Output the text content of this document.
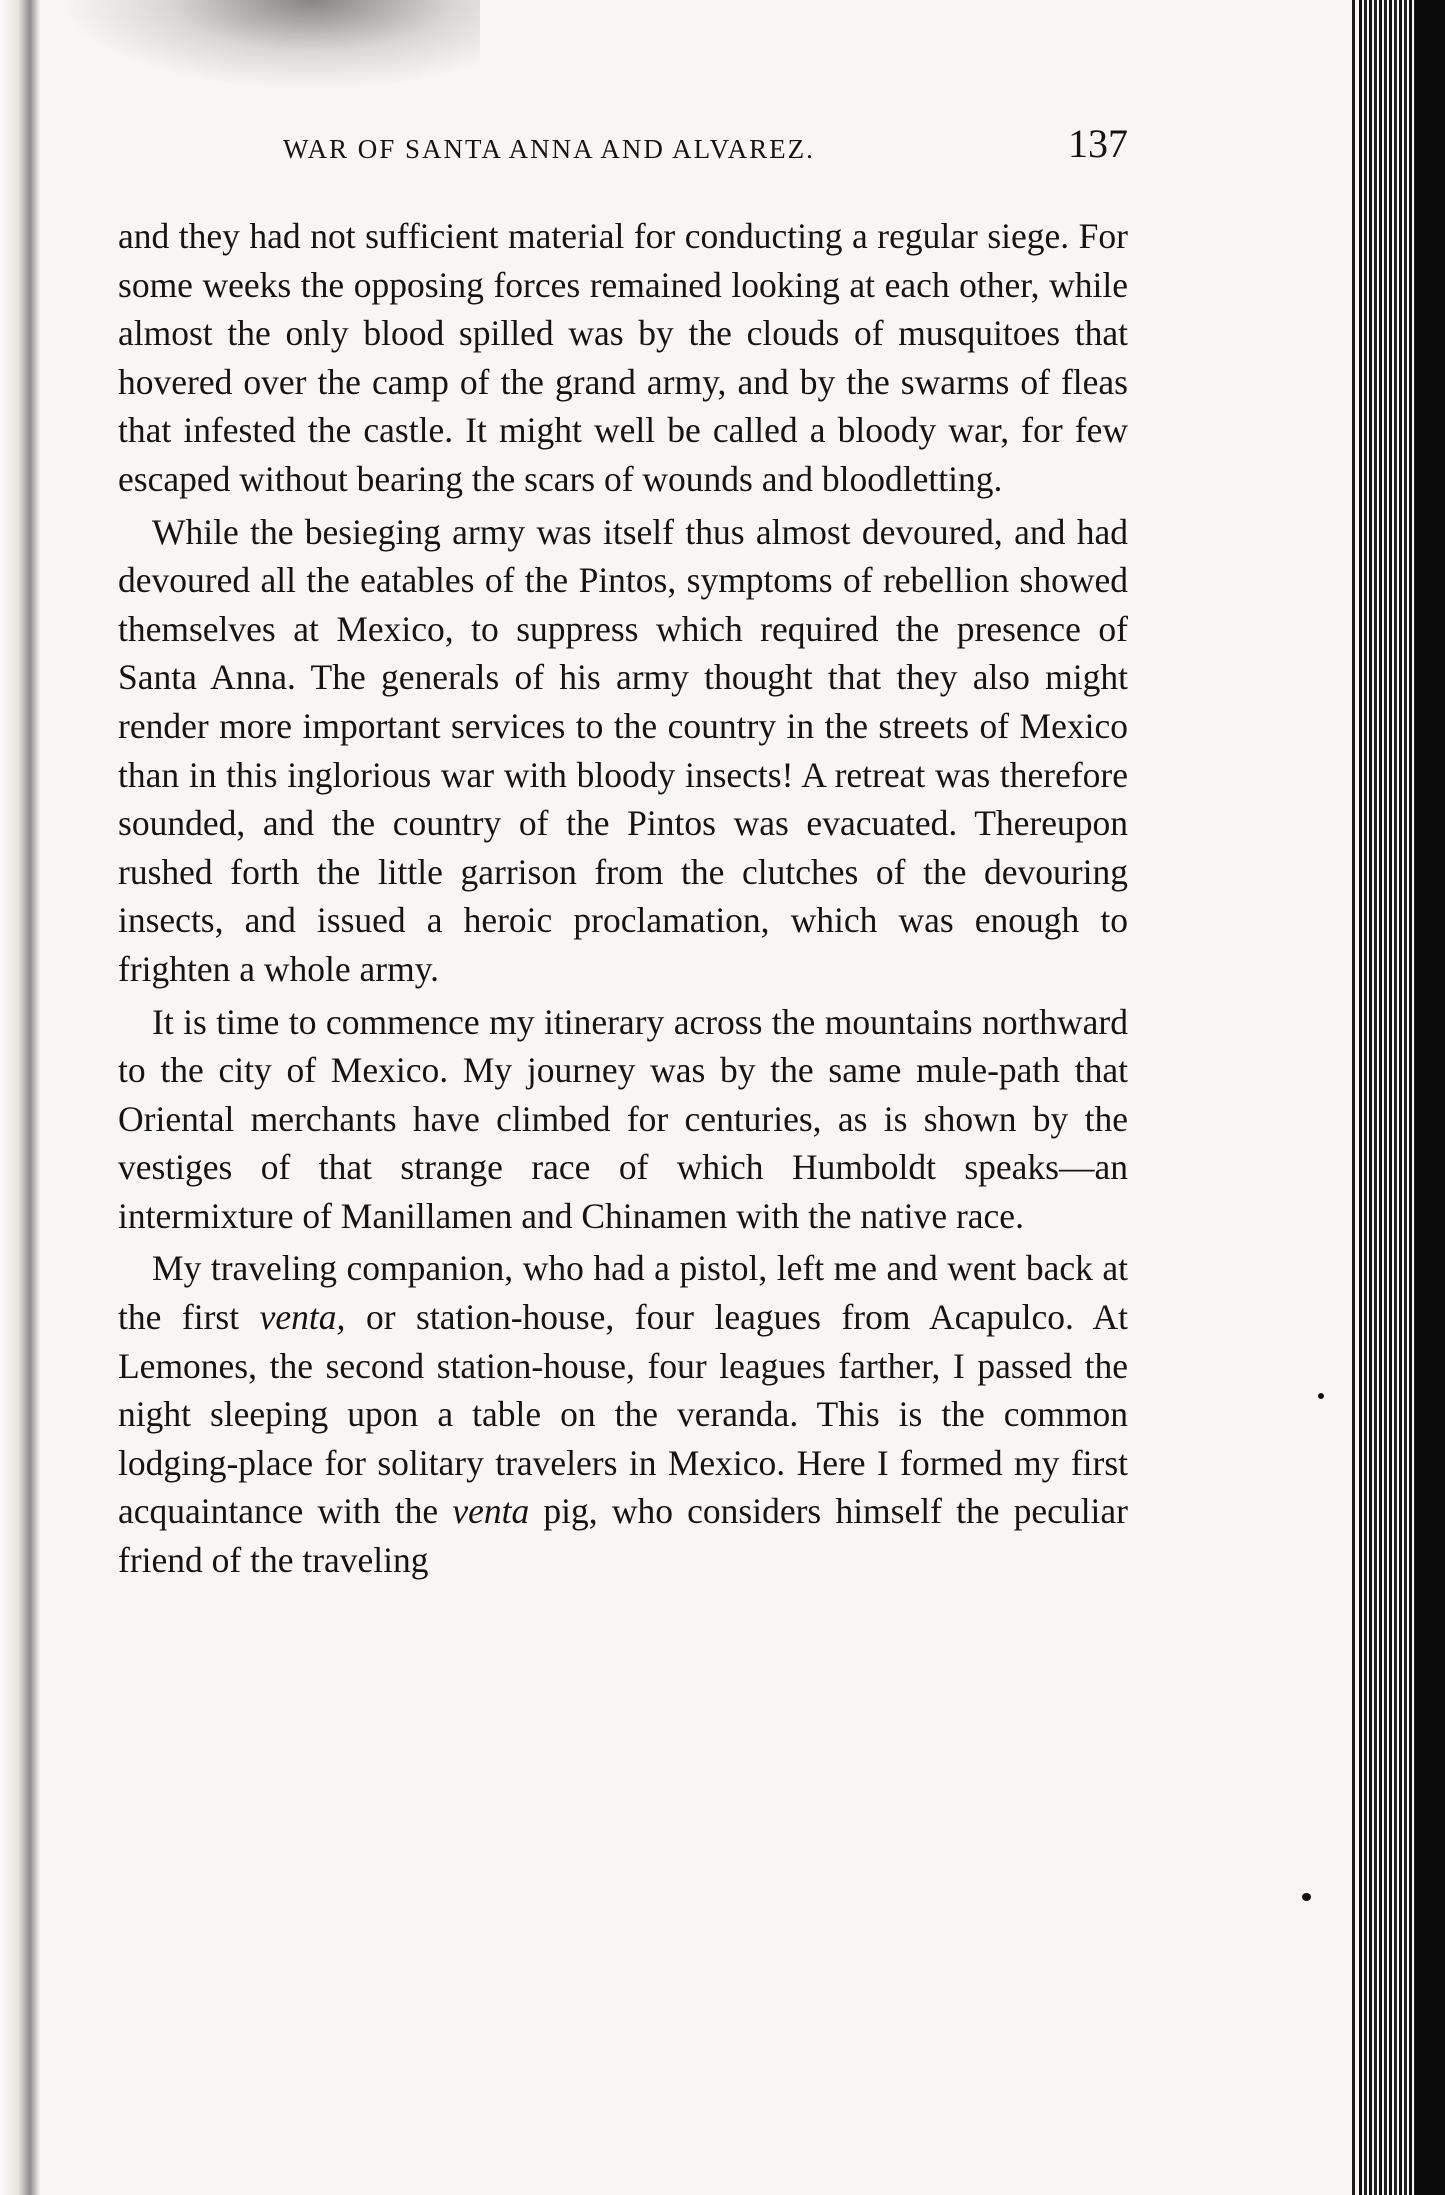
WAR OF SANTA ANNA AND ALVAREZ.	137

and they had not sufficient material for conducting a regular siege. For some weeks the opposing forces remained looking at each other, while almost the only blood spilled was by the clouds of musquitoes that hovered over the camp of the grand army, and by the swarms of fleas that infested the castle. It might well be called a bloody war, for few escaped without bearing the scars of wounds and bloodletting.

While the besieging army was itself thus almost devoured, and had devoured all the eatables of the Pintos, symptoms of rebellion showed themselves at Mexico, to suppress which required the presence of Santa Anna. The generals of his army thought that they also might render more important services to the country in the streets of Mexico than in this inglorious war with bloody insects! A retreat was therefore sounded, and the country of the Pintos was evacuated. Thereupon rushed forth the little garrison from the clutches of the devouring insects, and issued a heroic proclamation, which was enough to frighten a whole army.

It is time to commence my itinerary across the mountains northward to the city of Mexico. My journey was by the same mule-path that Oriental merchants have climbed for centuries, as is shown by the vestiges of that strange race of which Humboldt speaks—an intermixture of Manillamen and Chinamen with the native race.

My traveling companion, who had a pistol, left me and went back at the first venta, or station-house, four leagues from Acapulco. At Lemones, the second station-house, four leagues farther, I passed the night sleeping upon a table on the veranda. This is the common lodging-place for solitary travelers in Mexico. Here I formed my first acquaintance with the venta pig, who considers himself the peculiar friend of the traveling
